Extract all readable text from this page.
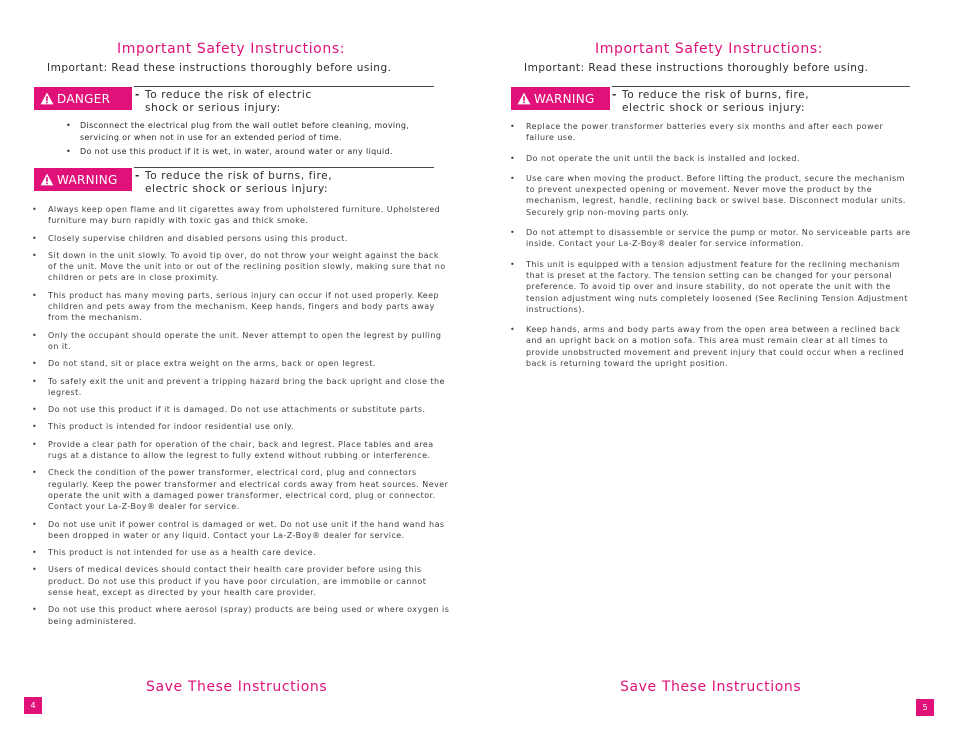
Important Safety Instructions:
Important: Read these instructions thoroughly before using.
DANGER - To reduce the risk of electric
shock or serious injury:
• Disconnect the electrical plug from the wall outlet before cleaning, moving, servicing or when not in use for an extended period of time.
• Do not use this product if it is wet, in water, around water or any liquid.
WARNING - To reduce the risk of burns, fire,
electric shock or serious injury:
• Always keep open flame and lit cigarettes away from upholstered furniture. Upholstered furniture may burn rapidly with toxic gas and thick smoke.
• Closely supervise children and disabled persons using this product.
• Sit down in the unit slowly. To avoid tip over, do not throw your weight against the back of the unit. Move the unit into or out of the reclining position slowly, making sure that no children or pets are in close proximity.
• This product has many moving parts, serious injury can occur if not used properly. Keep children and pets away from the mechanism. Keep hands, fingers and body parts away from the mechanism.
• Only the occupant should operate the unit. Never attempt to open the legrest by pulling on it.
• Do not stand, sit or place extra weight on the arms, back or open legrest.
• To safely exit the unit and prevent a tripping hazard bring the back upright and close the legrest.
• Do not use this product if it is damaged. Do not use attachments or substitute parts.
• This product is intended for indoor residential use only.
• Provide a clear path for operation of the chair, back and legrest. Place tables and area rugs at a distance to allow the legrest to fully extend without rubbing or interference.
• Check the condition of the power transformer, electrical cord, plug and connectors regularly. Keep the power transformer and electrical cords away from heat sources. Never operate the unit with a damaged power transformer, electrical cord, plug or connector. Contact your La-Z-Boy® dealer for service.
• Do not use unit if power control is damaged or wet. Do not use unit if the hand wand has been dropped in water or any liquid. Contact your La-Z-Boy® dealer for service.
• This product is not intended for use as a health care device.
• Users of medical devices should contact their health care provider before using this product. Do not use this product if you have poor circulation, are immobile or cannot sense heat, except as directed by your health care provider.
• Do not use this product where aerosol (spray) products are being used or where oxygen is being administered.
Save These Instructions
4
Important Safety Instructions:
Important: Read these instructions thoroughly before using.
WARNING - To reduce the risk of burns, fire,
electric shock or serious injury:
• Replace the power transformer batteries every six months and after each power failure use.
• Do not operate the unit until the back is installed and locked.
• Use care when moving the product. Before lifting the product, secure the mechanism to prevent unexpected opening or movement. Never move the product by the mechanism, legrest, handle, reclining back or swivel base. Disconnect modular units. Securely grip non-moving parts only.
• Do not attempt to disassemble or service the pump or motor. No serviceable parts are inside. Contact your La-Z-Boy® dealer for service information.
• This unit is equipped with a tension adjustment feature for the reclining mechanism that is preset at the factory. The tension setting can be changed for your personal preference. To avoid tip over and insure stability, do not operate the unit with the tension adjustment wing nuts completely loosened (See Reclining Tension Adjustment instructions).
• Keep hands, arms and body parts away from the open area between a reclined back and an upright back on a motion sofa. This area must remain clear at all times to provide unobstructed movement and prevent injury that could occur when a reclined back is returning toward the upright position.
Save These Instructions
5
